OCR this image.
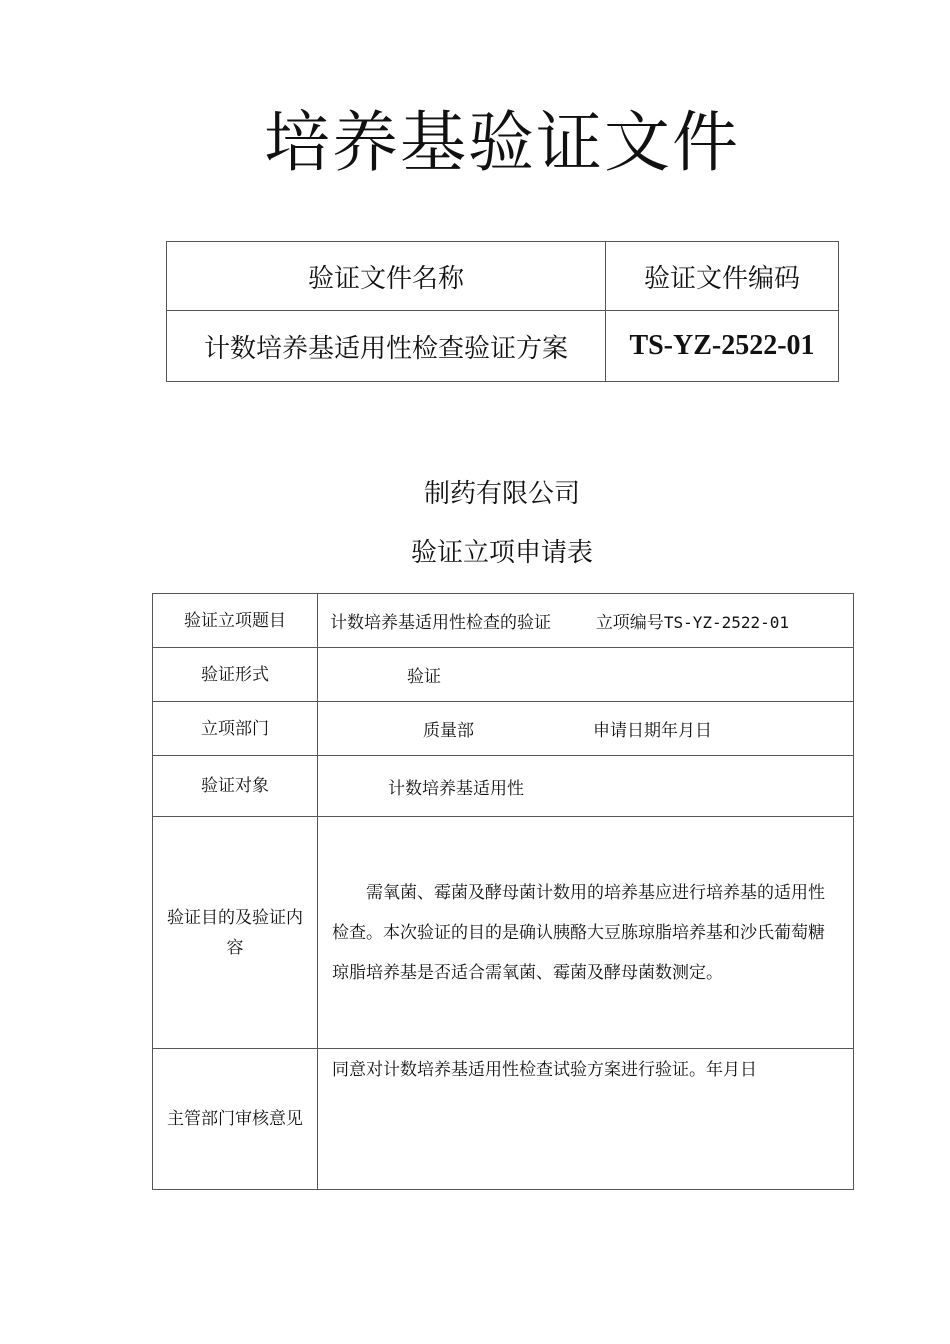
培养基验证文件
验证文件名称	验证文件编码
计数培养基适用性检查验证方案	TS-YZ-2522-01
制药有限公司
验证立项申请表
验证立项题目	计数培养基适用性检查的验证 立项编号TS-YZ-2522-01
验证形式	验证
立项部门	质量部 申请日期年月日
验证对象	计数培养基适用性
验证目的及验证内容	需氧菌、霉菌及酵母菌计数用的培养基应进行培养基的适用性检查。本次验证的目的是确认胰酪大豆胨琼脂培养基和沙氏葡萄糖琼脂培养基是否适合需氧菌、霉菌及酵母菌数测定。
主管部门审核意见	同意对计数培养基适用性检查试验方案进行验证。年月日
